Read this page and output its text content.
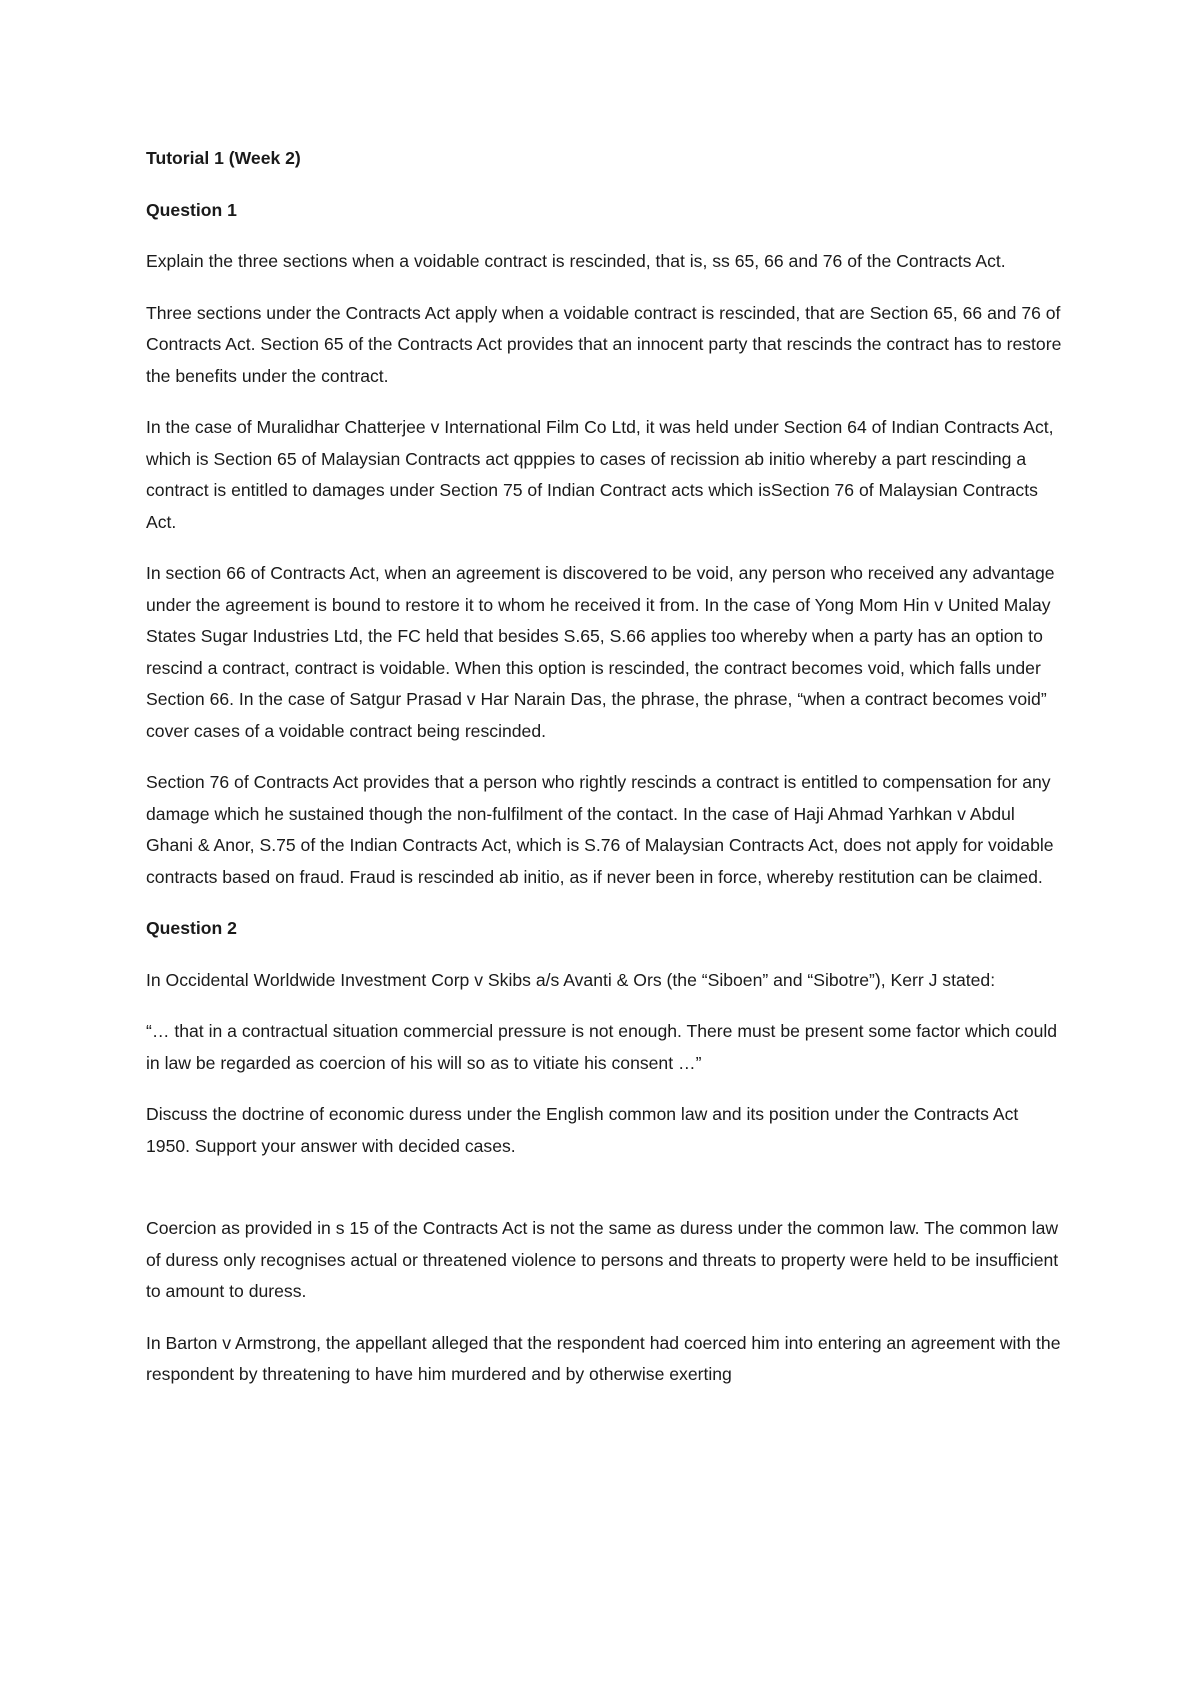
Tutorial 1 (Week 2)

Question 1

Explain the three sections when a voidable contract is rescinded, that is, ss 65, 66 and 76 of the Contracts Act.

Three sections under the Contracts Act apply when a voidable contract is rescinded, that are Section 65, 66 and 76 of Contracts Act. Section 65 of the Contracts Act provides that an innocent party that rescinds the contract has to restore the benefits under the contract.

In the case of Muralidhar Chatterjee v International Film Co Ltd, it was held under Section 64 of Indian Contracts Act, which is Section 65 of Malaysian Contracts act qpppies to cases of recission ab initio whereby a part rescinding a contract is entitled to damages under Section 75 of Indian Contract acts which isSection 76 of Malaysian Contracts Act.

In section 66 of Contracts Act, when an agreement is discovered to be void, any person who received any advantage under the agreement is bound to restore it to whom he received it from. In the case of Yong Mom Hin v United Malay States Sugar Industries Ltd, the FC held that besides S.65, S.66 applies too whereby when a party has an option to rescind a contract, contract is voidable. When this option is rescinded, the contract becomes void, which falls under Section 66. In the case of Satgur Prasad v Har Narain Das, the phrase, the phrase, “when a contract becomes void” cover cases of a voidable contract being rescinded.

Section 76 of Contracts Act provides that a person who rightly rescinds a contract is entitled to compensation for any damage which he sustained though the non-fulfilment of the contact. In the case of Haji Ahmad Yarhkan v Abdul Ghani & Anor, S.75 of the Indian Contracts Act, which is S.76 of Malaysian Contracts Act, does not apply for voidable contracts based on fraud. Fraud is rescinded ab initio, as if never been in force, whereby restitution can be claimed.

Question 2

In Occidental Worldwide Investment Corp v Skibs a/s Avanti & Ors (the “Siboen” and “Sibotre”), Kerr J stated:

“… that in a contractual situation commercial pressure is not enough. There must be present some factor which could in law be regarded as coercion of his will so as to vitiate his consent …”

Discuss the doctrine of economic duress under the English common law and its position under the Contracts Act 1950. Support your answer with decided cases.

Coercion as provided in s 15 of the Contracts Act is not the same as duress under the common law. The common law of duress only recognises actual or threatened violence to persons and threats to property were held to be insufficient to amount to duress.

In Barton v Armstrong, the appellant alleged that the respondent had coerced him into entering an agreement with the respondent by threatening to have him murdered and by otherwise exerting
